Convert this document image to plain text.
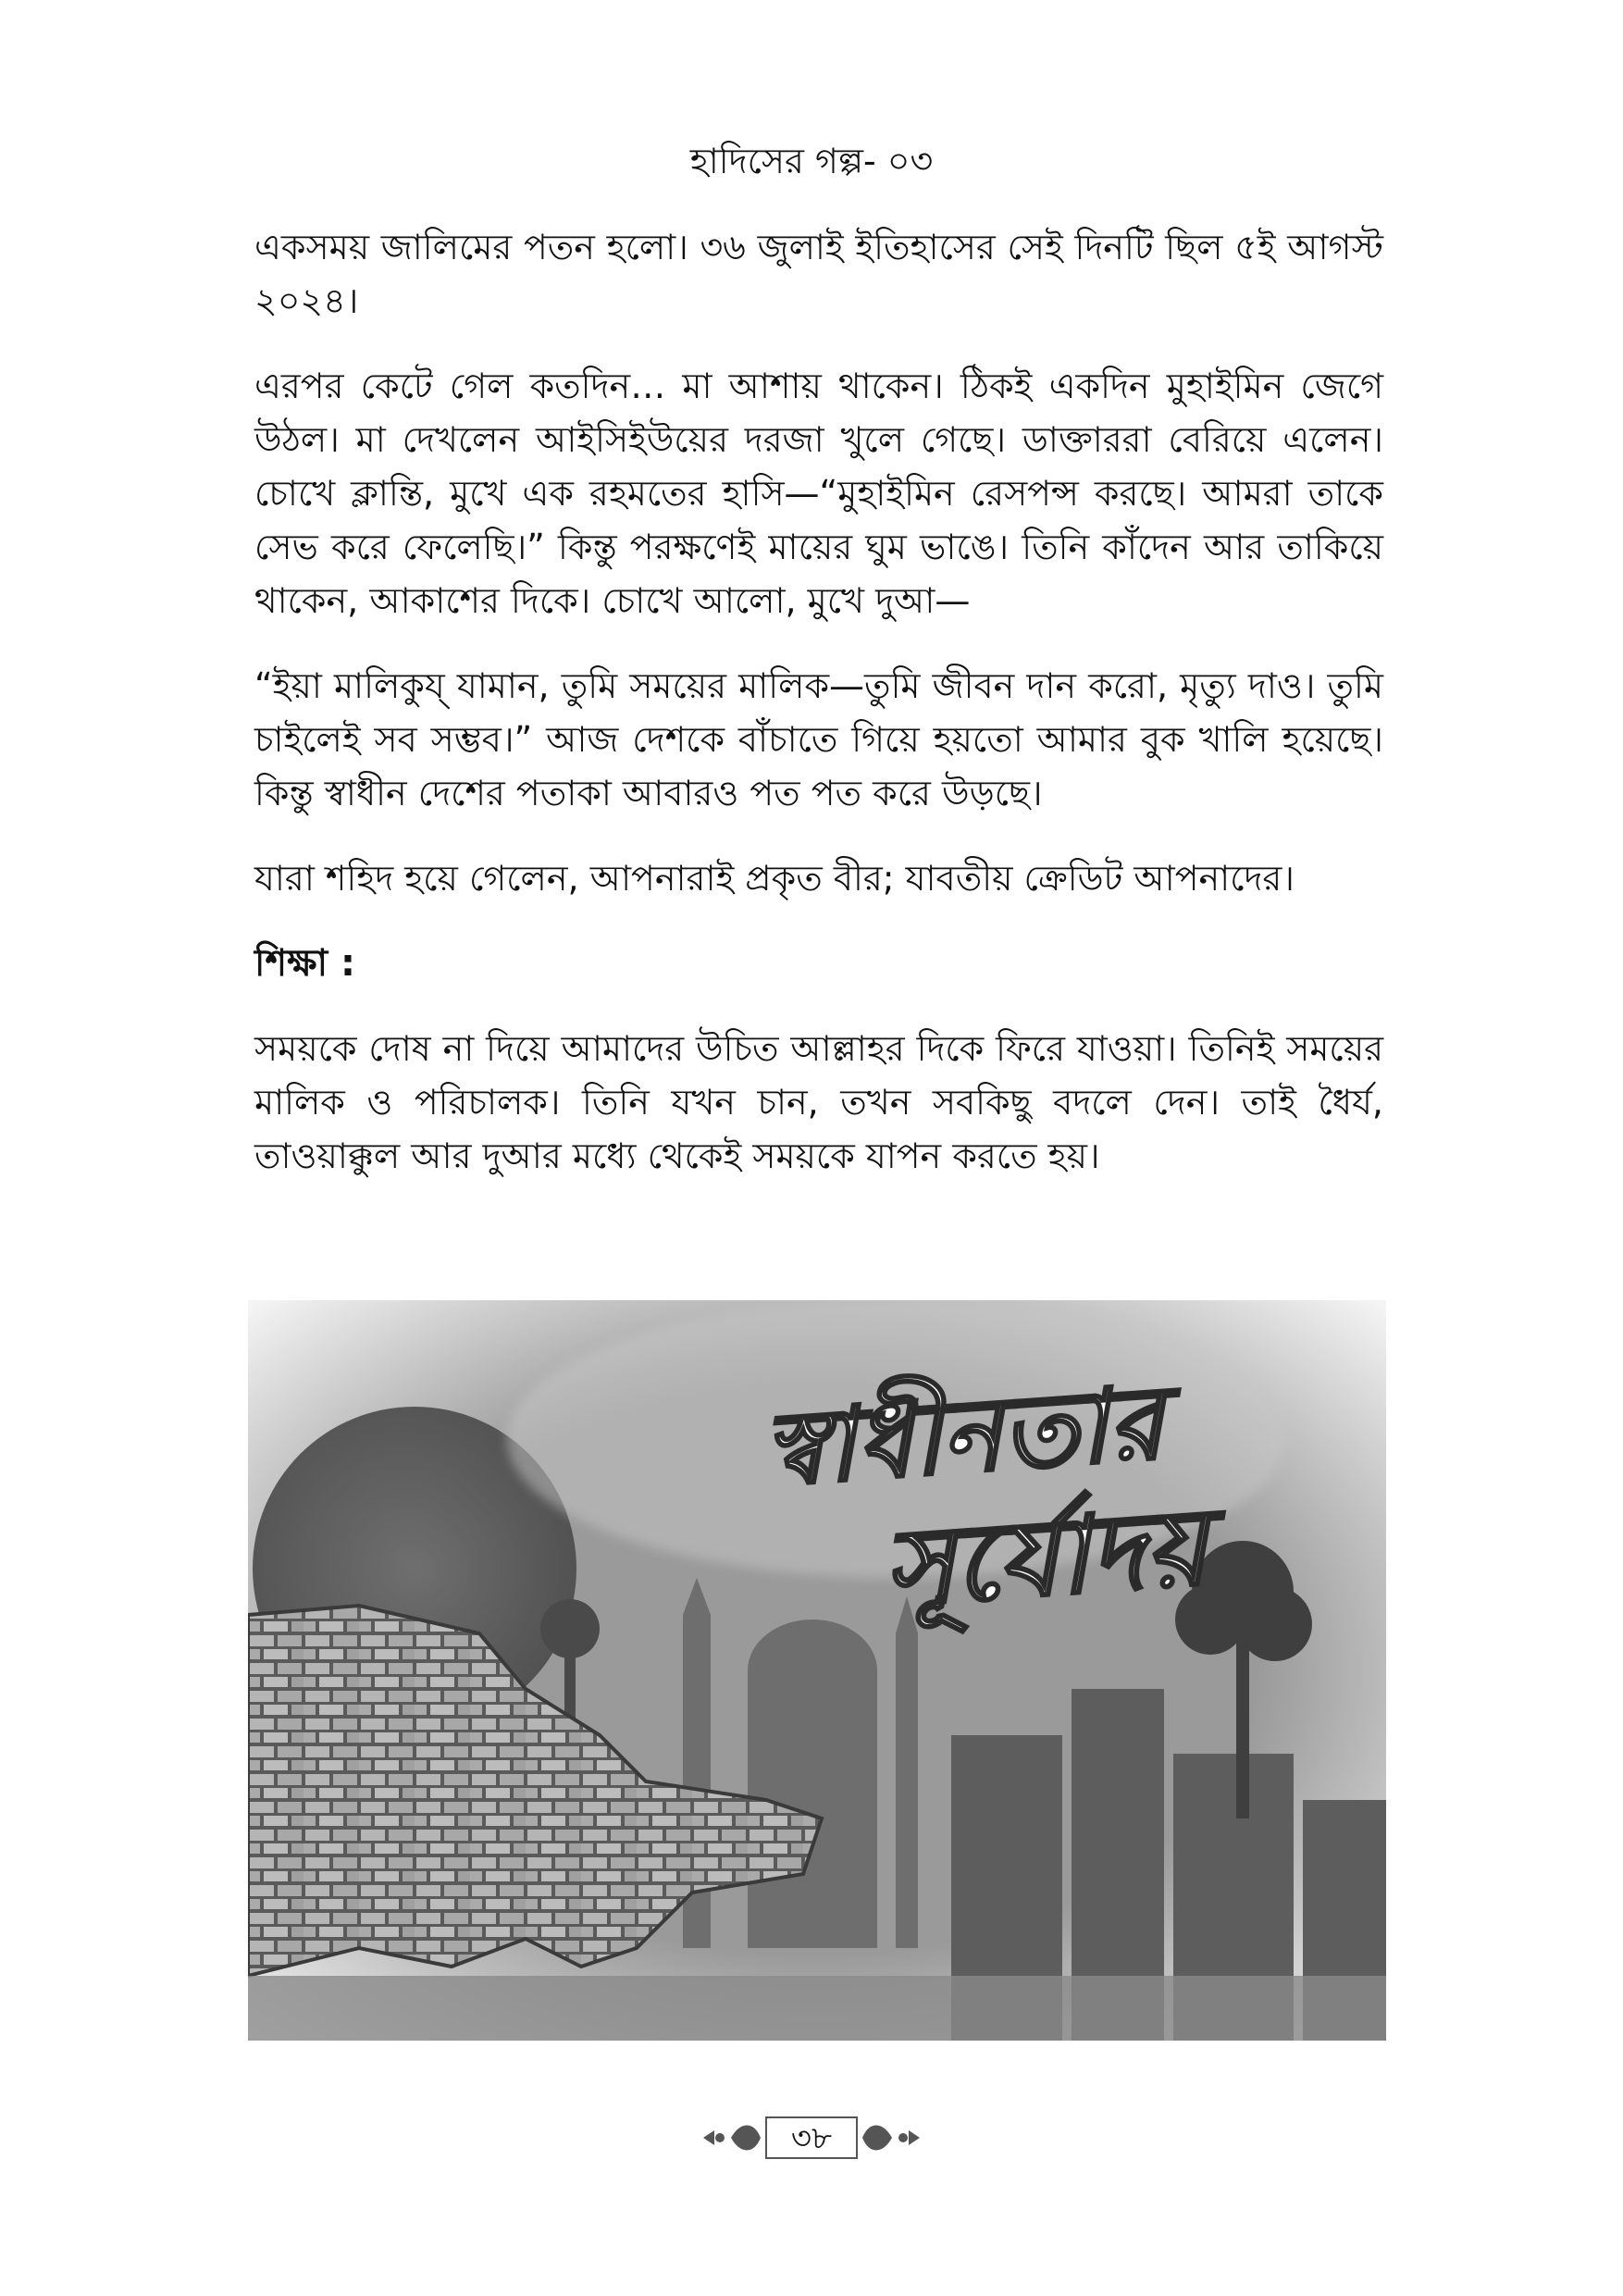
হাদিসের গল্প- ০৩

একসময় জালিমের পতন হলো। ৩৬ জুলাই ইতিহাসের সেই দিনটি ছিল ৫ই আগস্ট ২০২৪।

এরপর কেটে গেল কতদিন… মা আশায় থাকেন। ঠিকই একদিন মুহাইমিন জেগে উঠল। মা দেখলেন আইসিইউয়ের দরজা খুলে গেছে। ডাক্তাররা বেরিয়ে এলেন। চোখে ক্লান্তি, মুখে এক রহমতের হাসি—“মুহাইমিন রেসপন্স করছে। আমরা তাকে সেভ করে ফেলেছি।” কিন্তু পরক্ষণেই মায়ের ঘুম ভাঙে। তিনি কাঁদেন আর তাকিয়ে থাকেন, আকাশের দিকে। চোখে আলো, মুখে দুআ—

“ইয়া মালিকুয্ যামান, তুমি সময়ের মালিক—তুমি জীবন দান করো, মৃত্যু দাও। তুমি চাইলেই সব সম্ভব।” আজ দেশকে বাঁচাতে গিয়ে হয়তো আমার বুক খালি হয়েছে। কিন্তু স্বাধীন দেশের পতাকা আবারও পত পত করে উড়ছে।

যারা শহিদ হয়ে গেলেন, আপনারাই প্রকৃত বীর; যাবতীয় ক্রেডিট আপনাদের।

শিক্ষা :

সময়কে দোষ না দিয়ে আমাদের উচিত আল্লাহর দিকে ফিরে যাওয়া। তিনিই সময়ের মালিক ও পরিচালক। তিনি যখন চান, তখন সবকিছু বদলে দেন। তাই ধৈর্য, তাওয়াক্কুল আর দুআর মধ্যে থেকেই সময়কে যাপন করতে হয়।

স্বাধীনতার
সূর্যোদয়
৩৮
